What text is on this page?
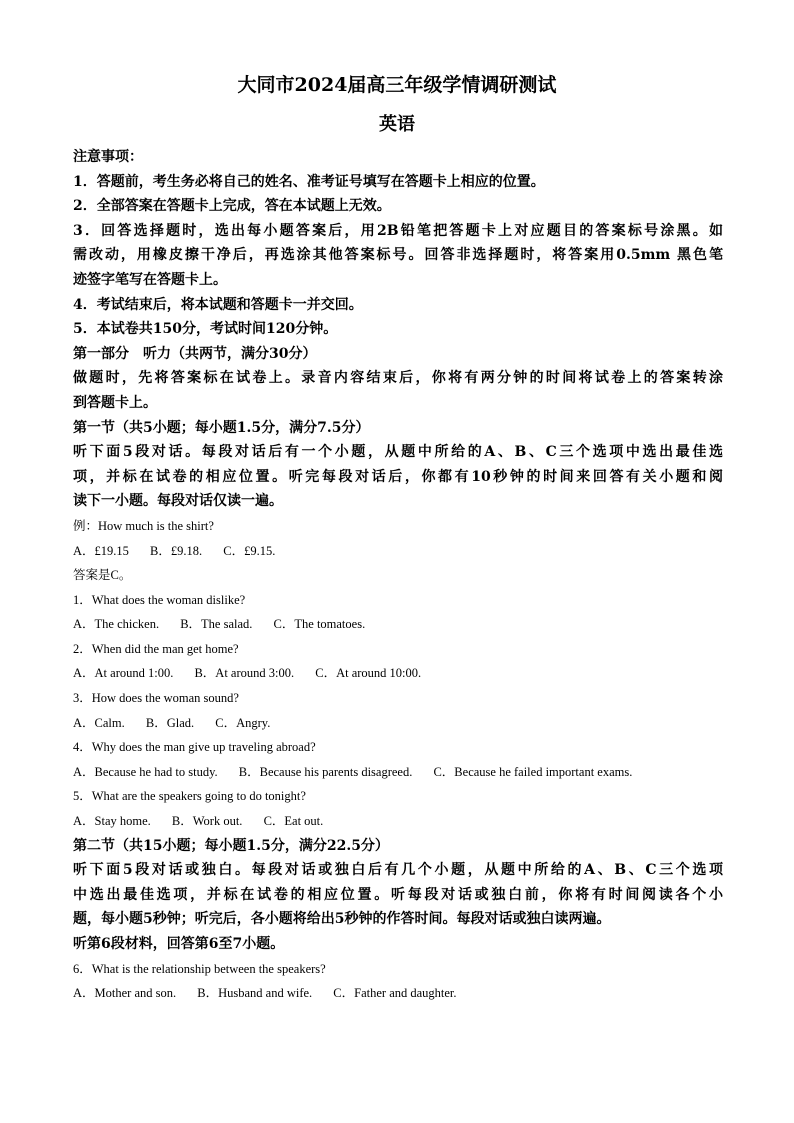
大同市2024届高三年级学情调研测试
英语
注意事项：
1．答题前，考生务必将自己的姓名、准考证号填写在答题卡上相应的位置。
2．全部答案在答题卡上完成，答在本试题上无效。
3．回答选择题时，选出每小题答案后，用2B铅笔把答题卡上对应题目的答案标号涂黑。如
需改动，用橡皮擦干净后，再选涂其他答案标号。回答非选择题时，将答案用0.5mm 黑色笔
迹签字笔写在答题卡上。
4．考试结束后，将本试题和答题卡一并交回。
5．本试卷共150分，考试时间120分钟。
第一部分　听力（共两节，满分30分）
做题时，先将答案标在试卷上。录音内容结束后，你将有两分钟的时间将试卷上的答案转涂
到答题卡上。
第一节（共5小题；每小题1.5分，满分7.5分）
听下面5段对话。每段对话后有一个小题，从题中所给的A、B、C三个选项中选出最佳选
项，并标在试卷的相应位置。听完每段对话后，你都有10秒钟的时间来回答有关小题和阅
读下一小题。每段对话仅读一遍。
例：How much is the shirt?
A．£19.15 B．£9.18. C．£9.15.
答案是C。
1．What does the woman dislike?
A．The chicken. B．The salad. C．The tomatoes.
2．When did the man get home?
A．At around 1:00. B．At around 3:00. C．At around 10:00.
3．How does the woman sound?
A．Calm. B．Glad. C．Angry.
4．Why does the man give up traveling abroad?
A．Because he had to study. B．Because his parents disagreed. C．Because he failed important exams.
5．What are the speakers going to do tonight?
A．Stay home. B．Work out. C．Eat out.
第二节（共15小题；每小题1.5分，满分22.5分）
听下面5段对话或独白。每段对话或独白后有几个小题，从题中所给的A、B、C三个选项
中选出最佳选项，并标在试卷的相应位置。听每段对话或独白前，你将有时间阅读各个小
题，每小题5秒钟；听完后，各小题将给出5秒钟的作答时间。每段对话或独白读两遍。
听第6段材料，回答第6至7小题。
6．What is the relationship between the speakers?
A．Mother and son. B．Husband and wife. C．Father and daughter.
